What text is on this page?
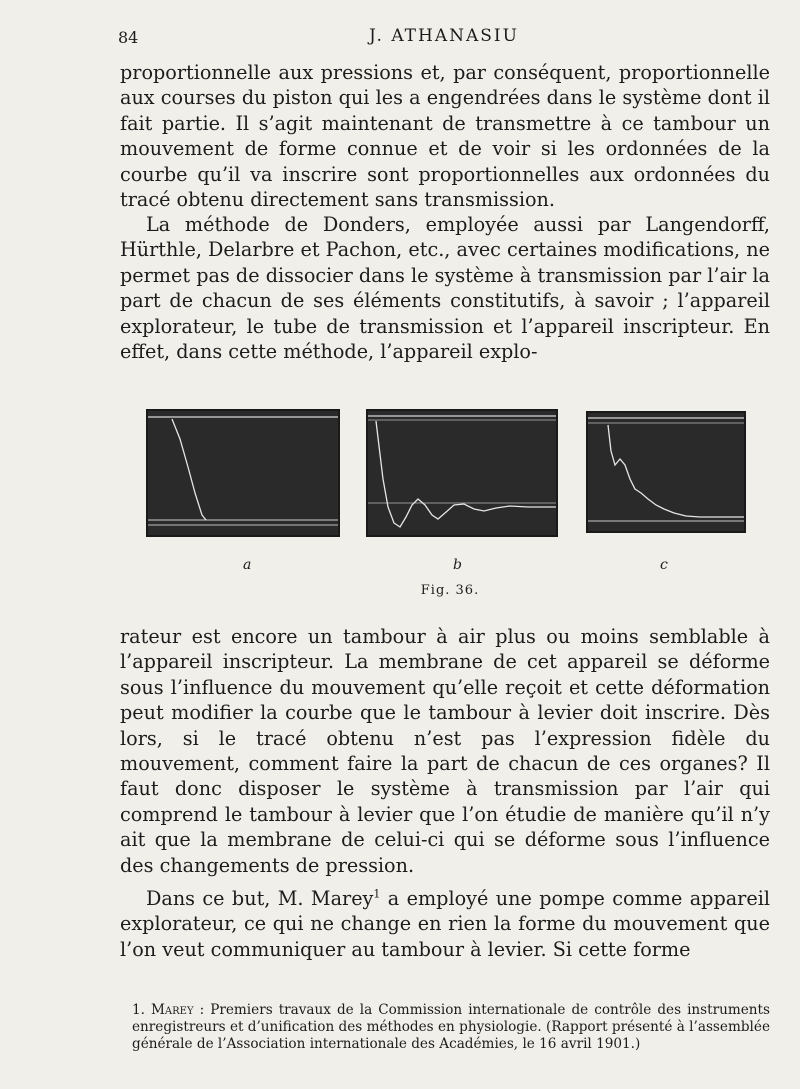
84	J. ATHANASIU

proportionnelle aux pressions et, par conséquent, proportionnelle aux courses du piston qui les a engendrées dans le système dont il fait partie. Il s’agit maintenant de transmettre à ce tambour un mouvement de forme connue et de voir si les ordonnées de la courbe qu’il va inscrire sont proportionnelles aux ordonnées du tracé obtenu directement sans transmission.

La méthode de Donders, employée aussi par Langendorff, Hürthle, Delarbre et Pachon, etc., avec certaines modifications, ne permet pas de dissocier dans le système à transmission par l’air la part de chacun de ses éléments constitutifs, à savoir ; l’appareil explorateur, le tube de transmission et l’appareil inscripteur. En effet, dans cette méthode, l’appareil explo-

a	b	c
Fig. 36.

rateur est encore un tambour à air plus ou moins semblable à l’appareil inscripteur. La membrane de cet appareil se déforme sous l’influence du mouvement qu’elle reçoit et cette déformation peut modifier la courbe que le tambour à levier doit inscrire. Dès lors, si le tracé obtenu n’est pas l’expression fidèle du mouvement, comment faire la part de chacun de ces organes? Il faut donc disposer le système à transmission par l’air qui comprend le tambour à levier que l’on étudie de manière qu’il n’y ait que la membrane de celui-ci qui se déforme sous l’influence des changements de pression.

Dans ce but, M. Marey$^1$ a employé une pompe comme appareil explorateur, ce qui ne change en rien la forme du mouvement que l’on veut communiquer au tambour à levier. Si cette forme

1. Marey : Premiers travaux de la Commission internationale de contrôle des instruments enregistreurs et d’unification des méthodes en physiologie. (Rapport présenté à l’assemblée générale de l’Association internationale des Académies, le 16 avril 1901.)
